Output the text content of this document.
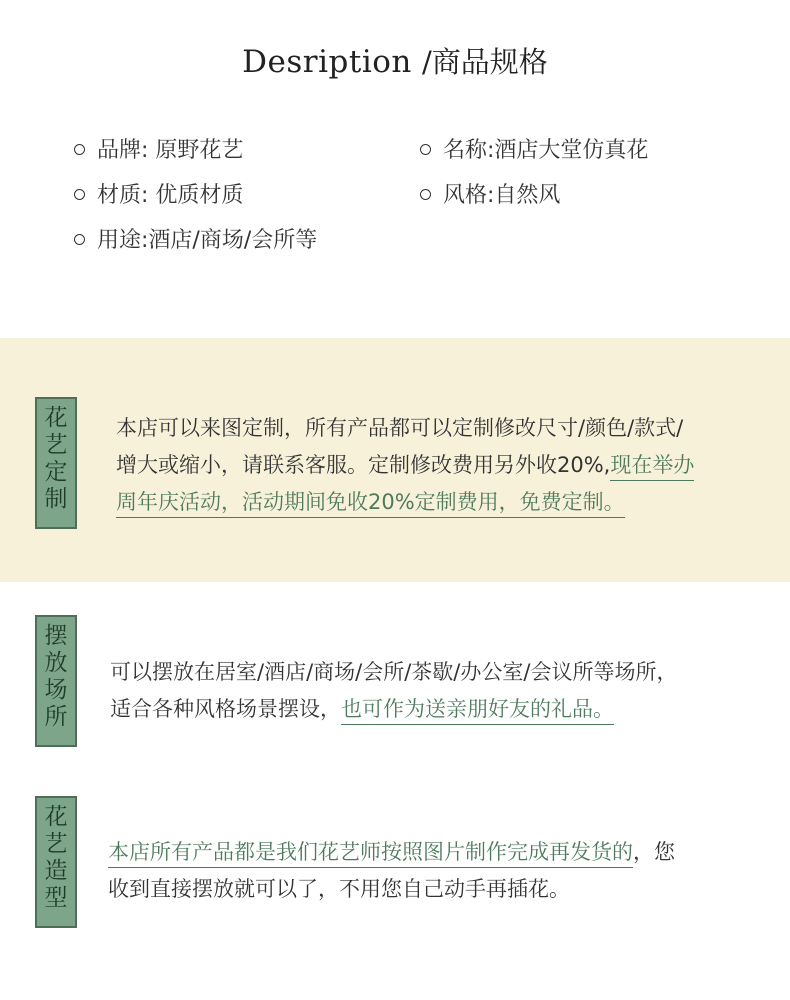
Desription /商品规格
品牌: 原野花艺	名称:酒店大堂仿真花
材质: 优质材质	风格:自然风
用途:酒店/商场/会所等
花
艺
定
制
本店可以来图定制，所有产品都可以定制修改尺寸/颜色/款式/
增大或缩小，请联系客服。定制修改费用另外收20%,现在举办
周年庆活动，活动期间免收20%定制费用，免费定制。
摆
放
场
所
可以摆放在居室/酒店/商场/会所/茶歇/办公室/会议所等场所，
适合各种风格场景摆设，也可作为送亲朋好友的礼品。
花
艺
造
型
本店所有产品都是我们花艺师按照图片制作完成再发货的，您
收到直接摆放就可以了，不用您自己动手再插花。
